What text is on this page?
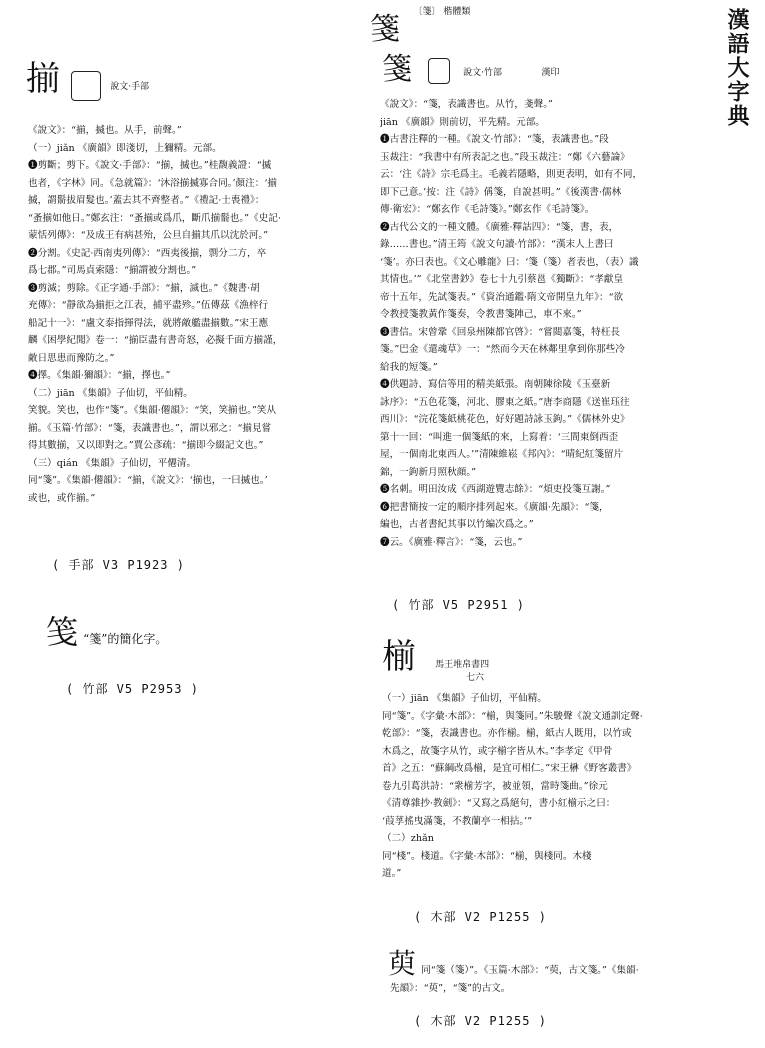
漢語大字典
揃	說文·手部

《說文》：“揃，搣也。从手，前聲。”

（一）jiǎn 《廣韻》即淺切，上獮精。元部。

❶剪斷；剪下。《說文·手部》：“揃，搣也。”桂馥義證：“搣

也者，《字林》同。《急就篇》：‘沐浴揃搣寡合同。’顏注：‘揃

搣，謂鬋拔眉髮也。’蓋去其不齊整者。”《禮記·士喪禮》：

“蚤揃如他日。”鄭玄注：“蚤揃或爲爪，斷爪揃鬋也。”《史記·

蒙恬列傳》：“及成王有病甚殆，公旦自揃其爪以沈於河。”

❷分割。《史記·西南夷列傳》：“西夷後揃，剽分二方，卒

爲七郡。”司馬貞索隱：“揃謂被分割也。”

❸剪滅；剪除。《正字通·手部》：“揃，滅也。”《魏書·胡

充傳》：“靜欲為揃拒之江表，捕平盡殄。”伍傳茲《漁梓行

船記十一》：“盧文泰指揮得法，就將敵艦盡揃數。”宋王應

麟《困學紀聞》卷一：“揃臣盡有書奇怒，必擬千面方揃謹，

敵日思患而豫防之。”

❹擇。《集韻·獮韻》：“揃，擇也。”

（二）jiān 《集韻》子仙切，平仙精。

笑貌。笑也，也作“箋”。《集韻·僊韻》：“笑，笑揃也。”笑从

揃。《玉篇·竹部》：“箋，表識書也。”，謂以邪之：“揃見嘗

得其數揃，又以即對之。”賈公彥疏：“揃即今綴記文也。”

（三）qián 《集韻》子仙切，平僊清。

同“箋”。《集韻·僊韻》：“揃，《說文》：‘揃也，一曰搣也。’

或也，或作揃。”

( 手部 V3 P1923 )

笺 “箋”的簡化字。

( 竹部 V5 P2953 )

箋 $^{〔箋〕 楷體類}$
箋	說文·竹部	漢印

《說文》：“箋，表識書也。从竹，戔聲。”

jiān 《廣韻》則前切，平先精。元部。

❶古書注釋的一種。《說文·竹部》：“箋，表識書也。”段

玉裁注：“我書中有所表記之也。”段玉裁注：“鄭《六藝論》

云：‘注《詩》宗毛爲主。毛義若隱略，則更表明，如有不同，

即下己意。’按：注《詩》偁箋，自說甚明。”《後漢書·儒林

傳·衛宏》：“鄭玄作《毛詩箋》。”鄭玄作《毛詩箋》。

❷古代公文的一種文體。《廣雅·釋詁四》：“箋，書，表，

錄……書也。”清王筠《說文句讀·竹部》：“漢末人上書曰

‘箋’。亦曰表也。《文心雕龍》曰：‘箋（箋）者表也，（表）識

其情也。’”《北堂書鈔》卷七十九引蔡邕《獨斷》：“孝獻皇

帝十五年，先試箋表。”《資治通鑑·隋文帝開皇九年》：“欲

令教授箋教黃作箋奏，令教書箋陣己，車不來。”

❸書信。宋曾鞏《回泉州陳都官啓》：“嘗閲嘉箋，特枉長

箋。”巴金《還魂草》一：“然而今天在林鄰里拿到你那些冷

給我的短箋。”

❹供題詩、寫信等用的精美紙張。南朝陳徐陵《玉臺新

詠序》：“五色花箋，河北、膠東之紙。”唐李商隱《送崔珏往

西川》：“浣花箋紙桃花色，好好題詩詠玉鉤。”《儒林外史》

第十一回：“叫進一個箋紙的來，上寫着：‘三間東倒西歪

屋，一個南北東西人。’”清陳維崧《邦內》：“晴紀紅箋留片

錦，一鉤新月照秋顔。”

❺名刺。明田汝成《西湖遊覽志餘》：“煩吏投箋互謝。”

❻把書簡按一定的順序排列起來。《廣韻·先韻》：“箋，

編也，古者書紀其事以竹編次爲之。”

❼云。《廣雅·釋言》：“箋，云也。”

( 竹部 V5 P2951 )

椾 馬王堆帛書四
七六

（一）jiān 《集韻》子仙切，平仙精。

同“箋”。《字彙·木部》：“椾，與箋同。”朱駿聲《說文通訓定聲·

乾部》：“箋，表識書也。亦作椾。椾，紙古人既用，以竹或

木爲之，故箋字从竹，或字椾字皆从木。”李孝定《甲骨

首》之五：“蘇綱改爲椾，是宜可相仁。”宋王楙《野客叢書》

卷九引葛洪詩：“衆椾芳字，被並領，當時箋曲。”徐元

《清尊雜抄·教劍》：“又寫之爲絕句，書小紅椾示之曰：

‘葭莩搖曳滿箋，不教蘭亭一相拈。’”

（二）zhǎn

同“棧”。棧道。《字彙·木部》：“椾，與棧同。木棧

道。”

( 木部 V2 P1255 )

萸 同“箋（箋）”。《玉篇·木部》：“萸，古文箋。”《集韻·

先韻》：“萸”，“箋”的古文。

( 木部 V2 P1255 )
